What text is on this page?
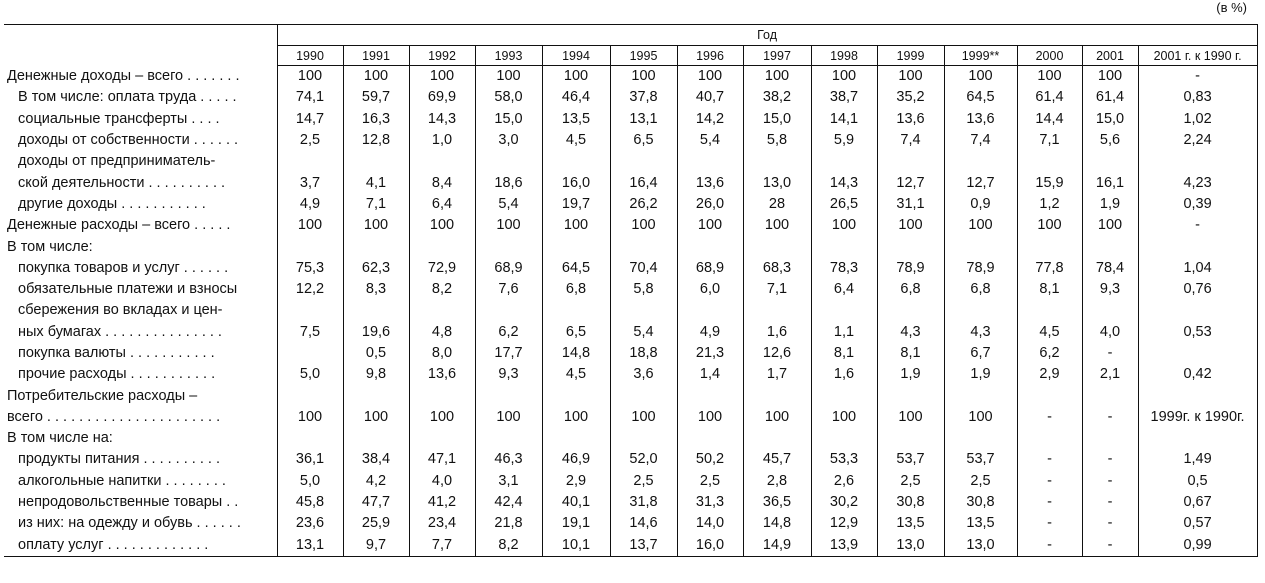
(в %)
	Год													
	1990	1991	1992	1993	1994	1995	1996	1997	1998	1999	1999**	2000	2001	2001 г. к 1990 г.
Денежные доходы – всего . . . . . . .	100	100	100	100	100	100	100	100	100	100	100	100	100	-
В том числе: оплата труда . . . . .	74,1	59,7	69,9	58,0	46,4	37,8	40,7	38,2	38,7	35,2	64,5	61,4	61,4	0,83
социальные трансферты . . . .	14,7	16,3	14,3	15,0	13,5	13,1	14,2	15,0	14,1	13,6	13,6	14,4	15,0	1,02
доходы от собственности . . . . . .	2,5	12,8	1,0	3,0	4,5	6,5	5,4	5,8	5,9	7,4	7,4	7,1	5,6	2,24
доходы от предприниматель-														
ской деятельности . . . . . . . . . .	3,7	4,1	8,4	18,6	16,0	16,4	13,6	13,0	14,3	12,7	12,7	15,9	16,1	4,23
другие доходы . . . . . . . . . . .	4,9	7,1	6,4	5,4	19,7	26,2	26,0	28	26,5	31,1	0,9	1,2	1,9	0,39
Денежные расходы – всего . . . . .	100	100	100	100	100	100	100	100	100	100	100	100	100	-
В том числе:														
покупка товаров и услуг . . . . . .	75,3	62,3	72,9	68,9	64,5	70,4	68,9	68,3	78,3	78,9	78,9	77,8	78,4	1,04
обязательные платежи и взносы	12,2	8,3	8,2	7,6	6,8	5,8	6,0	7,1	6,4	6,8	6,8	8,1	9,3	0,76
сбережения во вкладах и цен-														
ных бумагах . . . . . . . . . . . . . . .	7,5	19,6	4,8	6,2	6,5	5,4	4,9	1,6	1,1	4,3	4,3	4,5	4,0	0,53
покупка валюты . . . . . . . . . . .		0,5	8,0	17,7	14,8	18,8	21,3	12,6	8,1	8,1	6,7	6,2	-	
прочие расходы . . . . . . . . . . .	5,0	9,8	13,6	9,3	4,5	3,6	1,4	1,7	1,6	1,9	1,9	2,9	2,1	0,42
Потребительские расходы –														
всего . . . . . . . . . . . . . . . . . . . . . .	100	100	100	100	100	100	100	100	100	100	100	-	-	1999г. к 1990г.
В том числе на:														
продукты питания . . . . . . . . . .	36,1	38,4	47,1	46,3	46,9	52,0	50,2	45,7	53,3	53,7	53,7	-	-	1,49
алкогольные напитки . . . . . . . .	5,0	4,2	4,0	3,1	2,9	2,5	2,5	2,8	2,6	2,5	2,5	-	-	0,5
непродовольственные товары . .	45,8	47,7	41,2	42,4	40,1	31,8	31,3	36,5	30,2	30,8	30,8	-	-	0,67
из них: на одежду и обувь . . . . . .	23,6	25,9	23,4	21,8	19,1	14,6	14,0	14,8	12,9	13,5	13,5	-	-	0,57
оплату услуг . . . . . . . . . . . . .	13,1	9,7	7,7	8,2	10,1	13,7	16,0	14,9	13,9	13,0	13,0	-	-	0,99
